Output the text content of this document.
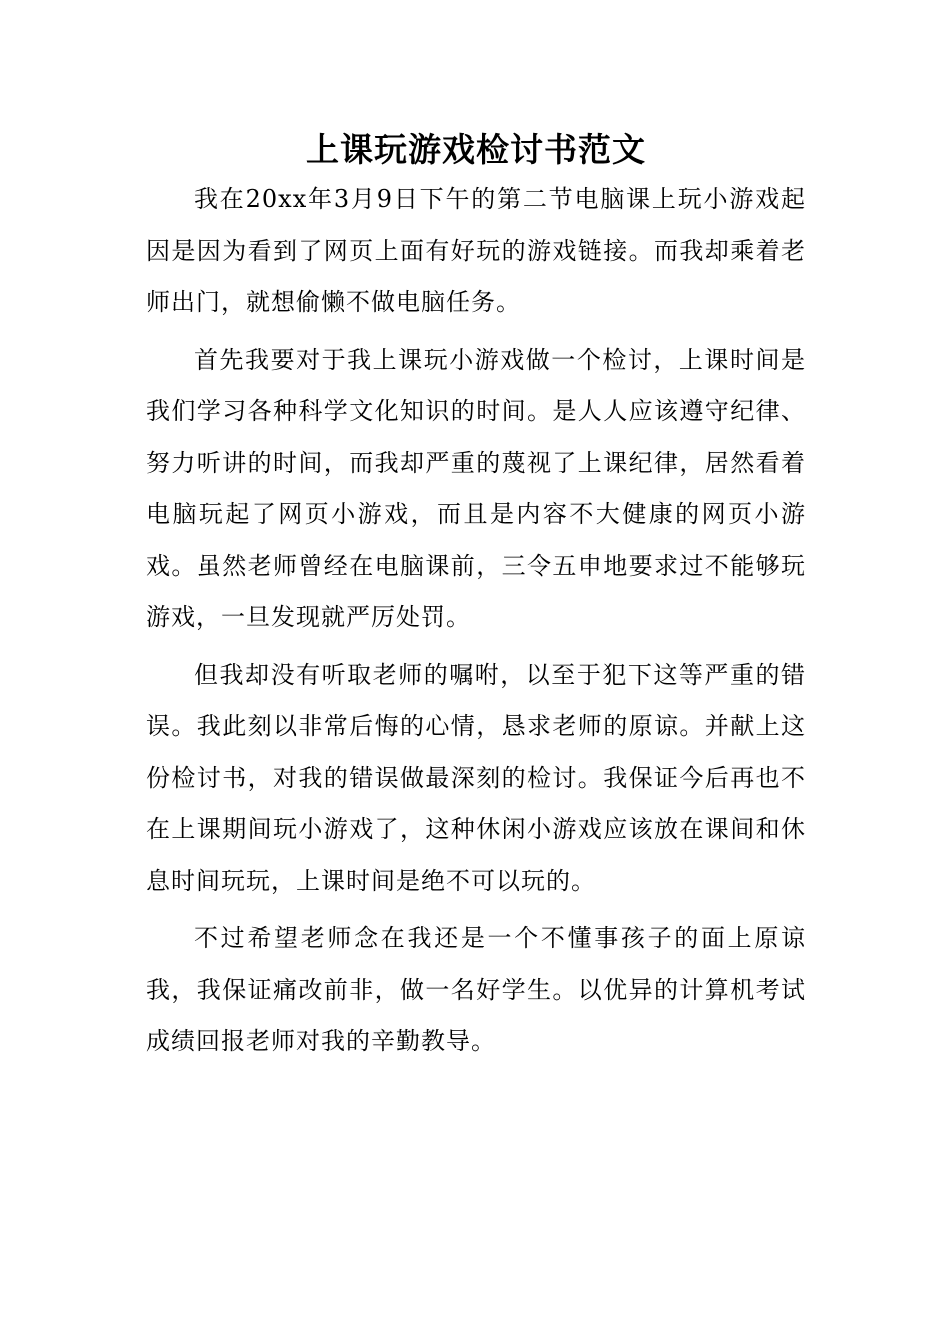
上课玩游戏检讨书范文

我在20xx年3月9日下午的第二节电脑课上玩小游戏起因是因为看到了网页上面有好玩的游戏链接。而我却乘着老师出门，就想偷懒不做电脑任务。

首先我要对于我上课玩小游戏做一个检讨，上课时间是我们学习各种科学文化知识的时间。是人人应该遵守纪律、努力听讲的时间，而我却严重的蔑视了上课纪律，居然看着电脑玩起了网页小游戏，而且是内容不大健康的网页小游戏。虽然老师曾经在电脑课前，三令五申地要求过不能够玩游戏，一旦发现就严厉处罚。

但我却没有听取老师的嘱咐，以至于犯下这等严重的错误。我此刻以非常后悔的心情，恳求老师的原谅。并献上这份检讨书，对我的错误做最深刻的检讨。我保证今后再也不在上课期间玩小游戏了，这种休闲小游戏应该放在课间和休息时间玩玩，上课时间是绝不可以玩的。

不过希望老师念在我还是一个不懂事孩子的面上原谅我，我保证痛改前非，做一名好学生。以优异的计算机考试成绩回报老师对我的辛勤教导。
